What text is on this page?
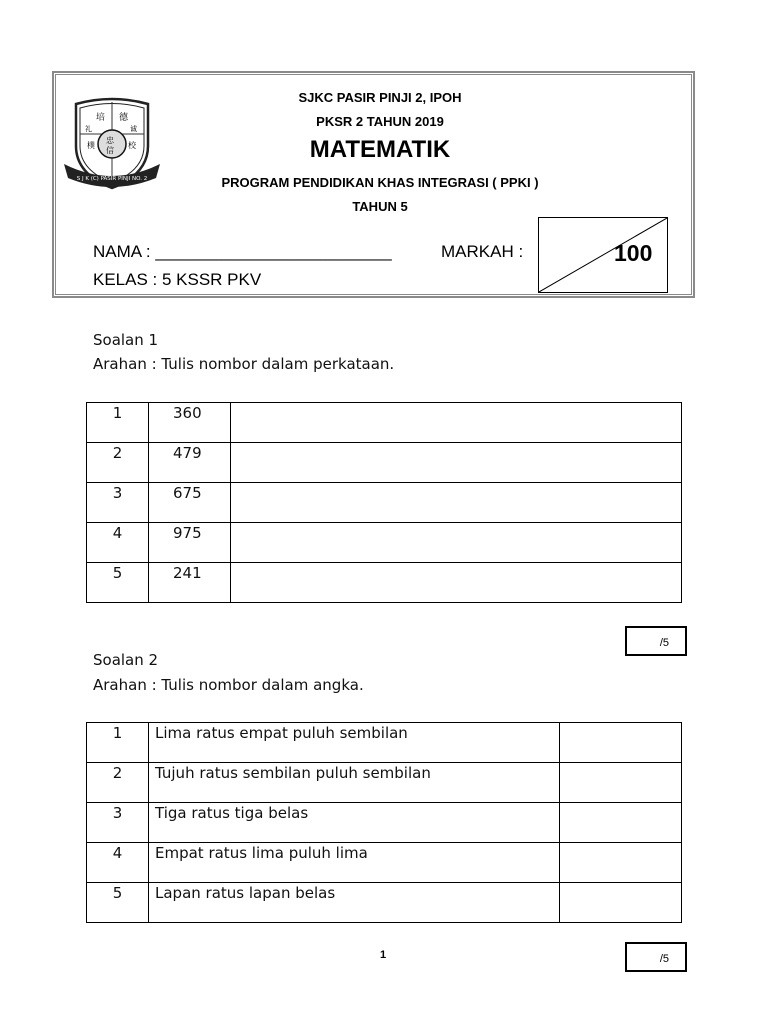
培 德
忠
信
礼	诚
樸	校
S J K (C) PASIR PINJI NO. 2
SJKC PASIR PINJI 2, IPOH
PKSR 2 TAHUN 2019
MATEMATIK
PROGRAM PENDIDIKAN KHAS INTEGRASI ( PPKI )
TAHUN 5
NAMA : _________________________
KELAS : 5 KSSR PKV
MARKAH :	100
Soalan 1
Arahan : Tulis nombor dalam perkataan.
1	360	
2	479	
3	675	
4	975	
5	241	
/5
Soalan 2
Arahan : Tulis nombor dalam angka.
1	Lima ratus empat puluh sembilan	
2	Tujuh ratus sembilan puluh sembilan	
3	Tiga ratus tiga belas	
4	Empat ratus lima puluh lima	
5	Lapan ratus lapan belas	
1	/5
